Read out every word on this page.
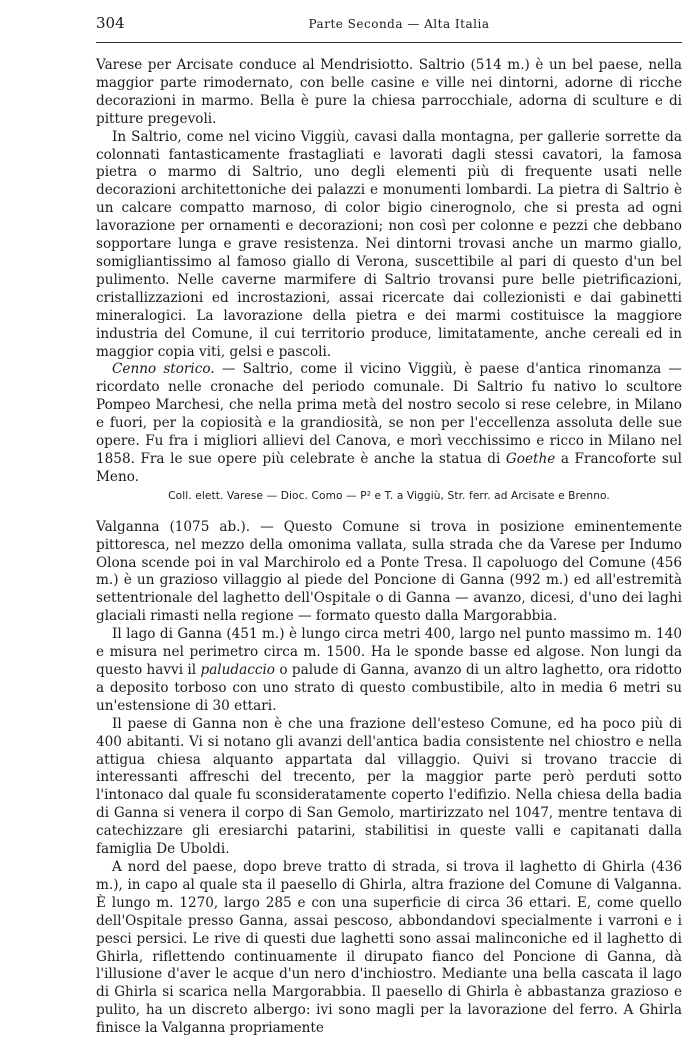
304	Parte Seconda — Alta Italia

Varese per Arcisate conduce al Mendrisiotto. Saltrio (514 m.) è un bel paese, nella maggior parte rimodernato, con belle casine e ville nei dintorni, adorne di ricche decorazioni in marmo. Bella è pure la chiesa parrocchiale, adorna di sculture e di pitture pregevoli.

In Saltrio, come nel vicino Viggiù, cavasi dalla montagna, per gallerie sorrette da colonnati fantasticamente frastagliati e lavorati dagli stessi cavatori, la famosa pietra o marmo di Saltrio, uno degli elementi più di frequente usati nelle decorazioni architettoniche dei palazzi e monumenti lombardi. La pietra di Saltrio è un calcare compatto marnoso, di color bigio cinerognolo, che si presta ad ogni lavorazione per ornamenti e decorazioni; non così per colonne e pezzi che debbano sopportare lunga e grave resistenza. Nei dintorni trovasi anche un marmo giallo, somigliantissimo al famoso giallo di Verona, suscettibile al pari di questo d'un bel pulimento. Nelle caverne marmifere di Saltrio trovansi pure belle pietrificazioni, cristallizzazioni ed incrostazioni, assai ricercate dai collezionisti e dai gabinetti mineralogici. La lavorazione della pietra e dei marmi costituisce la maggiore industria del Comune, il cui territorio produce, limitatamente, anche cereali ed in maggior copia viti, gelsi e pascoli.

Cenno storico. — Saltrio, come il vicino Viggiù, è paese d'antica rinomanza — ricordato nelle cronache del periodo comunale. Di Saltrio fu nativo lo scultore Pompeo Marchesi, che nella prima metà del nostro secolo si rese celebre, in Milano e fuori, per la copiosità e la grandiosità, se non per l'eccellenza assoluta delle sue opere. Fu fra i migliori allievi del Canova, e morì vecchissimo e ricco in Milano nel 1858. Fra le sue opere più celebrate è anche la statua di Goethe a Francoforte sul Meno.

Coll. elett. Varese — Dioc. Como — P² e T. a Viggiù, Str. ferr. ad Arcisate e Brenno.

Valganna (1075 ab.). — Questo Comune si trova in posizione eminentemente pittoresca, nel mezzo della omonima vallata, sulla strada che da Varese per Indumo Olona scende poi in val Marchirolo ed a Ponte Tresa. Il capoluogo del Comune (456 m.) è un grazioso villaggio al piede del Poncione di Ganna (992 m.) ed all'estremità settentrionale del laghetto dell'Ospitale o di Ganna — avanzo, dicesi, d'uno dei laghi glaciali rimasti nella regione — formato questo dalla Margorabbia.

Il lago di Ganna (451 m.) è lungo circa metri 400, largo nel punto massimo m. 140 e misura nel perimetro circa m. 1500. Ha le sponde basse ed algose. Non lungi da questo havvi il paludaccio o palude di Ganna, avanzo di un altro laghetto, ora ridotto a deposito torboso con uno strato di questo combustibile, alto in media 6 metri su un'estensione di 30 ettari.

Il paese di Ganna non è che una frazione dell'esteso Comune, ed ha poco più di 400 abitanti. Vi si notano gli avanzi dell'antica badia consistente nel chiostro e nella attigua chiesa alquanto appartata dal villaggio. Quivi si trovano traccie di interessanti affreschi del trecento, per la maggior parte però perduti sotto l'intonaco dal quale fu sconsideratamente coperto l'edifizio. Nella chiesa della badia di Ganna si venera il corpo di San Gemolo, martirizzato nel 1047, mentre tentava di catechizzare gli eresiarchi patarini, stabilitisi in queste valli e capitanati dalla famiglia De Uboldi.

A nord del paese, dopo breve tratto di strada, si trova il laghetto di Ghirla (436 m.), in capo al quale sta il paesello di Ghirla, altra frazione del Comune di Valganna. È lungo m. 1270, largo 285 e con una superficie di circa 36 ettari. E, come quello dell'Ospitale presso Ganna, assai pescoso, abbondandovi specialmente i varroni e i pesci persici. Le rive di questi due laghetti sono assai malinconiche ed il laghetto di Ghirla, riflettendo continuamente il dirupato fianco del Poncione di Ganna, dà l'illusione d'aver le acque d'un nero d'inchiostro. Mediante una bella cascata il lago di Ghirla si scarica nella Margorabbia. Il paesello di Ghirla è abbastanza grazioso e pulito, ha un discreto albergo: ivi sono magli per la lavorazione del ferro. A Ghirla finisce la Valganna propriamente
